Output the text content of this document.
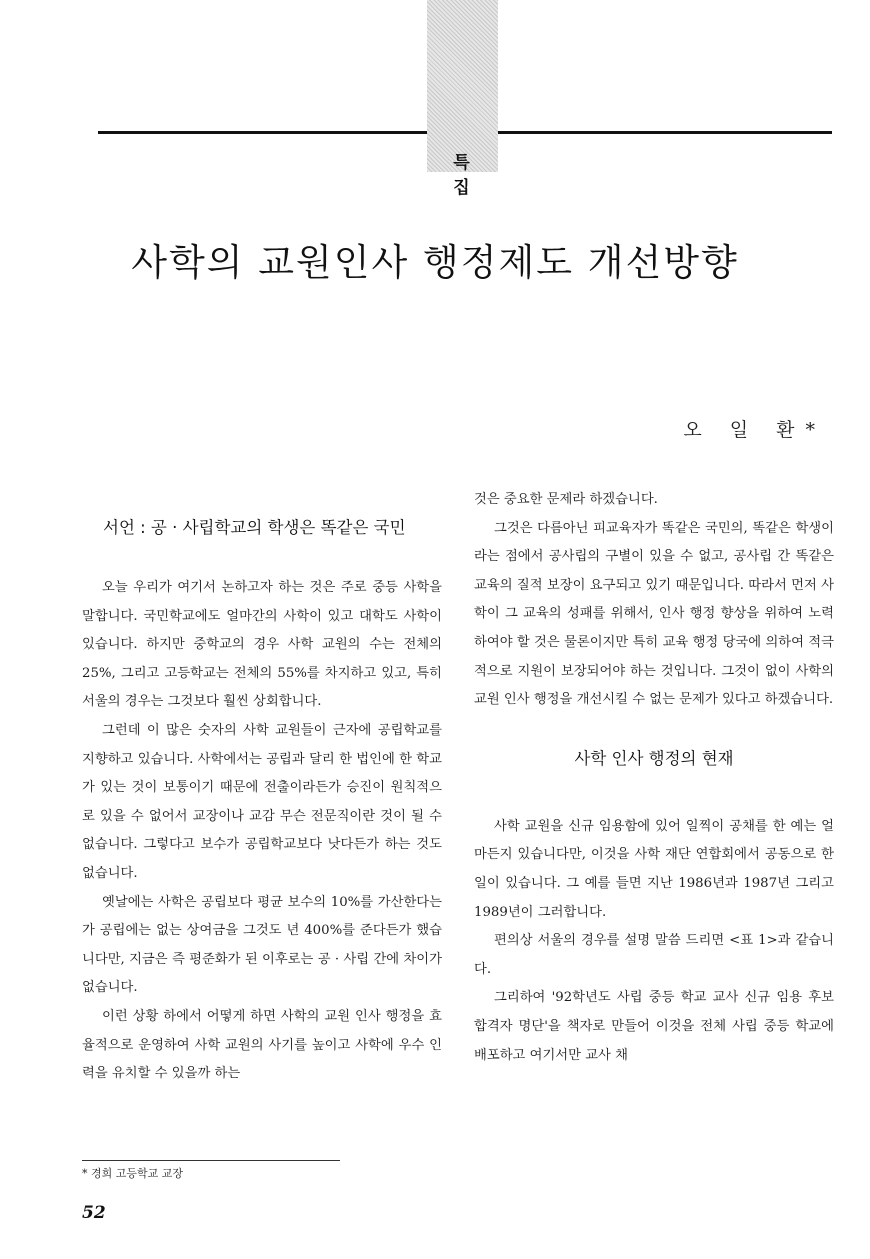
특 집
사학의 교원인사 행정제도 개선방향
오 일 환*
서언 : 공 · 사립학교의 학생은 똑같은 국민

오늘 우리가 여기서 논하고자 하는 것은 주로 중등 사학을 말합니다. 국민학교에도 얼마간의 사학이 있고 대학도 사학이 있습니다. 하지만 중학교의 경우 사학 교원의 수는 전체의 25%, 그리고 고등학교는 전체의 55%를 차지하고 있고, 특히 서울의 경우는 그것보다 훨씬 상회합니다.

그런데 이 많은 숫자의 사학 교원들이 근자에 공립학교를 지향하고 있습니다. 사학에서는 공립과 달리 한 법인에 한 학교가 있는 것이 보통이기 때문에 전출이라든가 승진이 원칙적으로 있을 수 없어서 교장이나 교감 무슨 전문직이란 것이 될 수 없습니다. 그렇다고 보수가 공립학교보다 낫다든가 하는 것도 없습니다.

옛날에는 사학은 공립보다 평균 보수의 10%를 가산한다는가 공립에는 없는 상여금을 그것도 년 400%를 준다든가 했습니다만, 지금은 즉 평준화가 된 이후로는 공 · 사립 간에 차이가 없습니다.

이런 상황 하에서 어떻게 하면 사학의 교원 인사 행정을 효율적으로 운영하여 사학 교원의 사기를 높이고 사학에 우수 인력을 유치할 수 있을까 하는

것은 중요한 문제라 하겠습니다.

그것은 다름아닌 피교육자가 똑같은 국민의, 똑같은 학생이라는 점에서 공사립의 구별이 있을 수 없고, 공사립 간 똑같은 교육의 질적 보장이 요구되고 있기 때문입니다. 따라서 먼저 사학이 그 교육의 성패를 위해서, 인사 행정 향상을 위하여 노력하여야 할 것은 물론이지만 특히 교육 행정 당국에 의하여 적극적으로 지원이 보장되어야 하는 것입니다. 그것이 없이 사학의 교원 인사 행정을 개선시킬 수 없는 문제가 있다고 하겠습니다.

사학 인사 행정의 현재

사학 교원을 신규 임용함에 있어 일찍이 공채를 한 예는 얼마든지 있습니다만, 이것을 사학 재단 연합회에서 공동으로 한 일이 있습니다. 그 예를 들면 지난 1986년과 1987년 그리고 1989년이 그러합니다.

편의상 서울의 경우를 설명 말씀 드리면 <표 1>과 같습니다.

그리하여 '92학년도 사립 중등 학교 교사 신규 임용 후보 합격자 명단'을 책자로 만들어 이것을 전체 사립 중등 학교에 배포하고 여기서만 교사 채

* 경희 고등학교 교장
52
